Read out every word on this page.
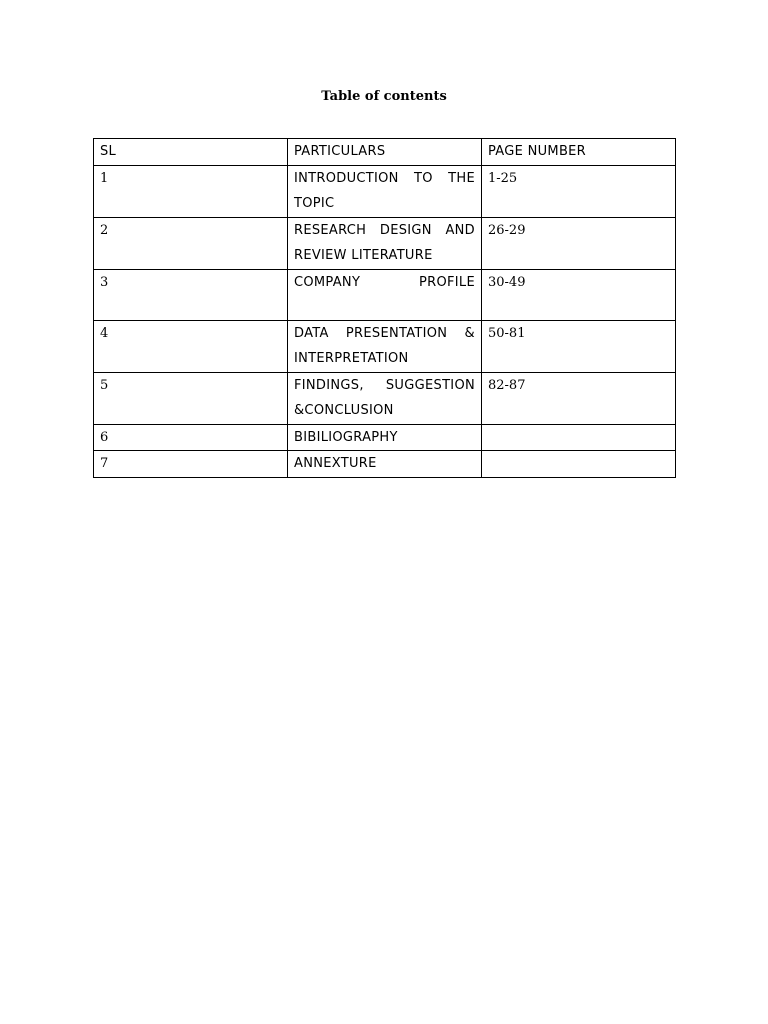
Table of contents
SL	PARTICULARS	PAGE NUMBER
1	INTRODUCTION TO THE TOPIC	1-25
2	RESEARCH DESIGN AND REVIEW LITERATURE	26-29
3	COMPANY PROFILE	30-49
4	DATA PRESENTATION & INTERPRETATION	50-81
5	FINDINGS, SUGGESTION &CONCLUSION	82-87
6	BIBILIOGRAPHY	
7	ANNEXTURE	
